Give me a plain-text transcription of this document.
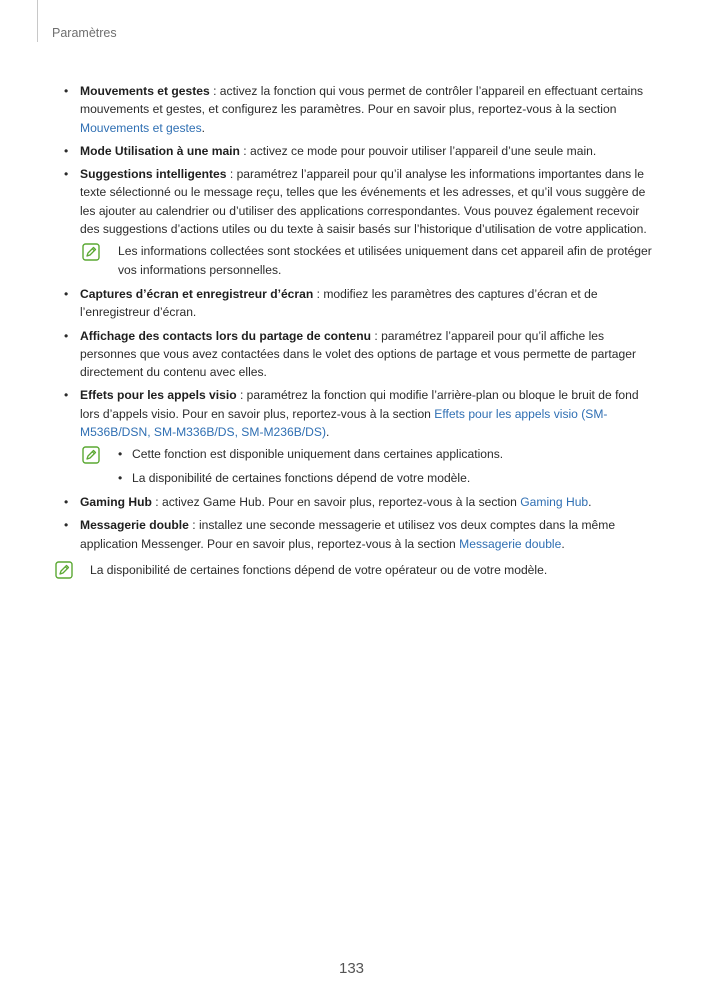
Paramètres
• Mouvements et gestes : activez la fonction qui vous permet de contrôler l’appareil en effectuant certains mouvements et gestes, et configurez les paramètres. Pour en savoir plus, reportez-vous à la section Mouvements et gestes.
• Mode Utilisation à une main : activez ce mode pour pouvoir utiliser l’appareil d’une seule main.
• Suggestions intelligentes : paramétrez l’appareil pour qu’il analyse les informations importantes dans le texte sélectionné ou le message reçu, telles que les événements et les adresses, et qu’il vous suggère de les ajouter au calendrier ou d’utiliser des applications correspondantes. Vous pouvez également recevoir des suggestions d’actions utiles ou du texte à saisir basés sur l’historique d’utilisation de votre application.
Les informations collectées sont stockées et utilisées uniquement dans cet appareil afin de protéger vos informations personnelles.
• Captures d’écran et enregistreur d’écran : modifiez les paramètres des captures d’écran et de l’enregistreur d’écran.
• Affichage des contacts lors du partage de contenu : paramétrez l’appareil pour qu’il affiche les personnes que vous avez contactées dans le volet des options de partage et vous permette de partager directement du contenu avec elles.
• Effets pour les appels visio : paramétrez la fonction qui modifie l’arrière-plan ou bloque le bruit de fond lors d’appels visio. Pour en savoir plus, reportez-vous à la section Effets pour les appels visio (SM-M536B/DSN, SM-M336B/DS, SM-M236B/DS).
• Cette fonction est disponible uniquement dans certaines applications.
• La disponibilité de certaines fonctions dépend de votre modèle.
• Gaming Hub : activez Game Hub. Pour en savoir plus, reportez-vous à la section Gaming Hub.
• Messagerie double : installez une seconde messagerie et utilisez vos deux comptes dans la même application Messenger. Pour en savoir plus, reportez-vous à la section Messagerie double.
La disponibilité de certaines fonctions dépend de votre opérateur ou de votre modèle.
133
